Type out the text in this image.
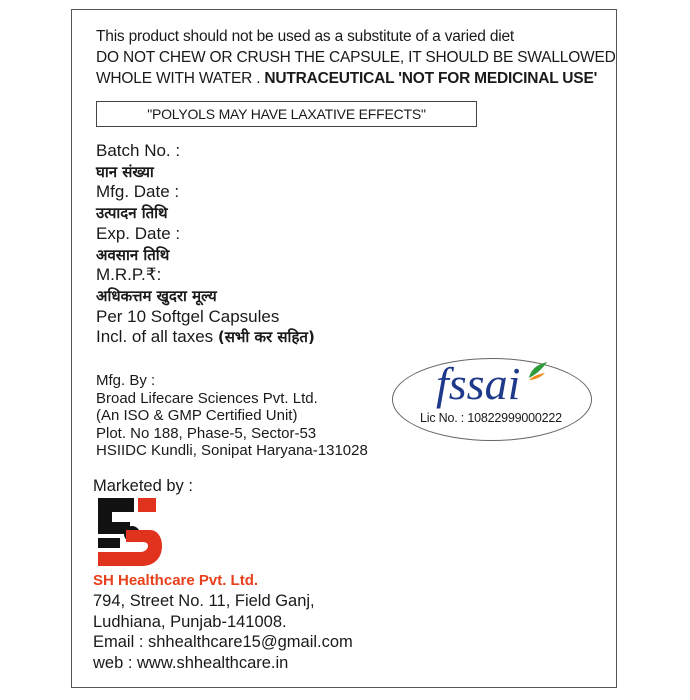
This product should not be used as a substitute of a varied diet
DO NOT CHEW OR CRUSH THE CAPSULE, IT SHOULD BE SWALLOWED
WHOLE WITH WATER . NUTRACEUTICAL 'NOT FOR MEDICINAL USE'
"POLYOLS MAY HAVE LAXATIVE EFFECTS"
Batch No. :
घान संख्या
Mfg. Date :
उत्पादन तिथि
Exp. Date :
अवसान तिथि
M.R.P.₹:
अधिकत्तम खुदरा मूल्य
Per 10 Softgel Capsules
Incl. of all taxes (सभी कर सहित)
Mfg. By :
Broad Lifecare Sciences Pvt. Ltd.
(An ISO & GMP Certified Unit)
Plot. No 188, Phase-5, Sector-53
HSIIDC Kundli, Sonipat Haryana-131028
fssai
Lic No. : 10822999000222
Marketed by :
SH Healthcare Pvt. Ltd.
794, Street No. 11, Field Ganj,
Ludhiana, Punjab-141008.
Email : shhealthcare15@gmail.com
web : www.shhealthcare.in
